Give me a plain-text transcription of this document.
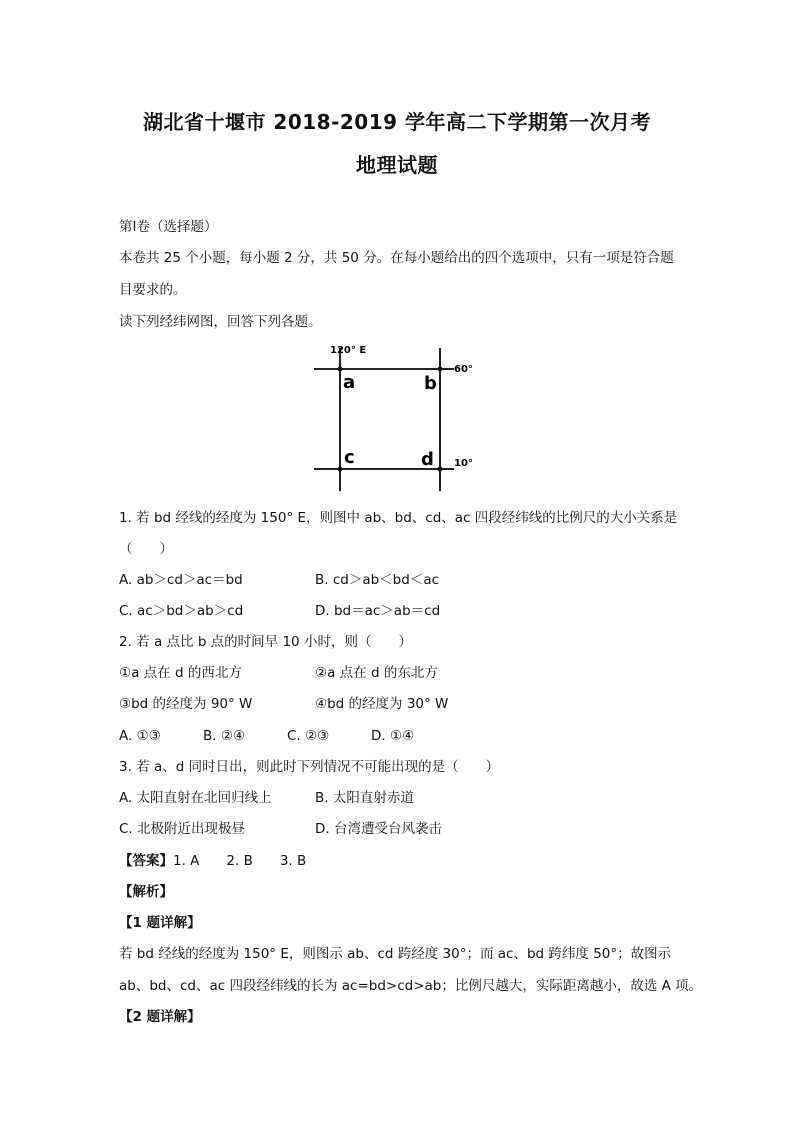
湖北省十堰市 2018-2019 学年高二下学期第一次月考
地理试题
第Ⅰ卷（选择题）
本卷共 25 个小题，每小题 2 分，共 50 分。在每小题给出的四个选项中，只有一项是符合题
目要求的。
读下列经纬网图，回答下列各题。
120° E
60°
10°
a	b
c	d
1. 若 bd 经线的经度为 150° E，则图中 ab、bd、cd、ac 四段经纬线的比例尺的大小关系是
（　　）
A. ab＞cd＞ac＝bd	B. cd＞ab＜bd＜ac
C. ac＞bd＞ab＞cd	D. bd＝ac＞ab＝cd
2. 若 a 点比 b 点的时间早 10 小时，则（　　）
①a 点在 d 的西北方	②a 点在 d 的东北方
③bd 的经度为 90° W	④bd 的经度为 30° W
A. ①③	B. ②④	C. ②③	D. ①④
3. 若 a、d 同时日出，则此时下列情况不可能出现的是（　　）
A. 太阳直射在北回归线上	B. 太阳直射赤道
C. 北极附近出现极昼	D. 台湾遭受台风袭击
【答案】1. A　　2. B　　3. B
【解析】
【1 题详解】
若 bd 经线的经度为 150° E，则图示 ab、cd 跨经度 30°；而 ac、bd 跨纬度 50°；故图示
ab、bd、cd、ac 四段经纬线的长为 ac=bd>cd>ab；比例尺越大，实际距离越小，故选 A 项。
【2 题详解】
